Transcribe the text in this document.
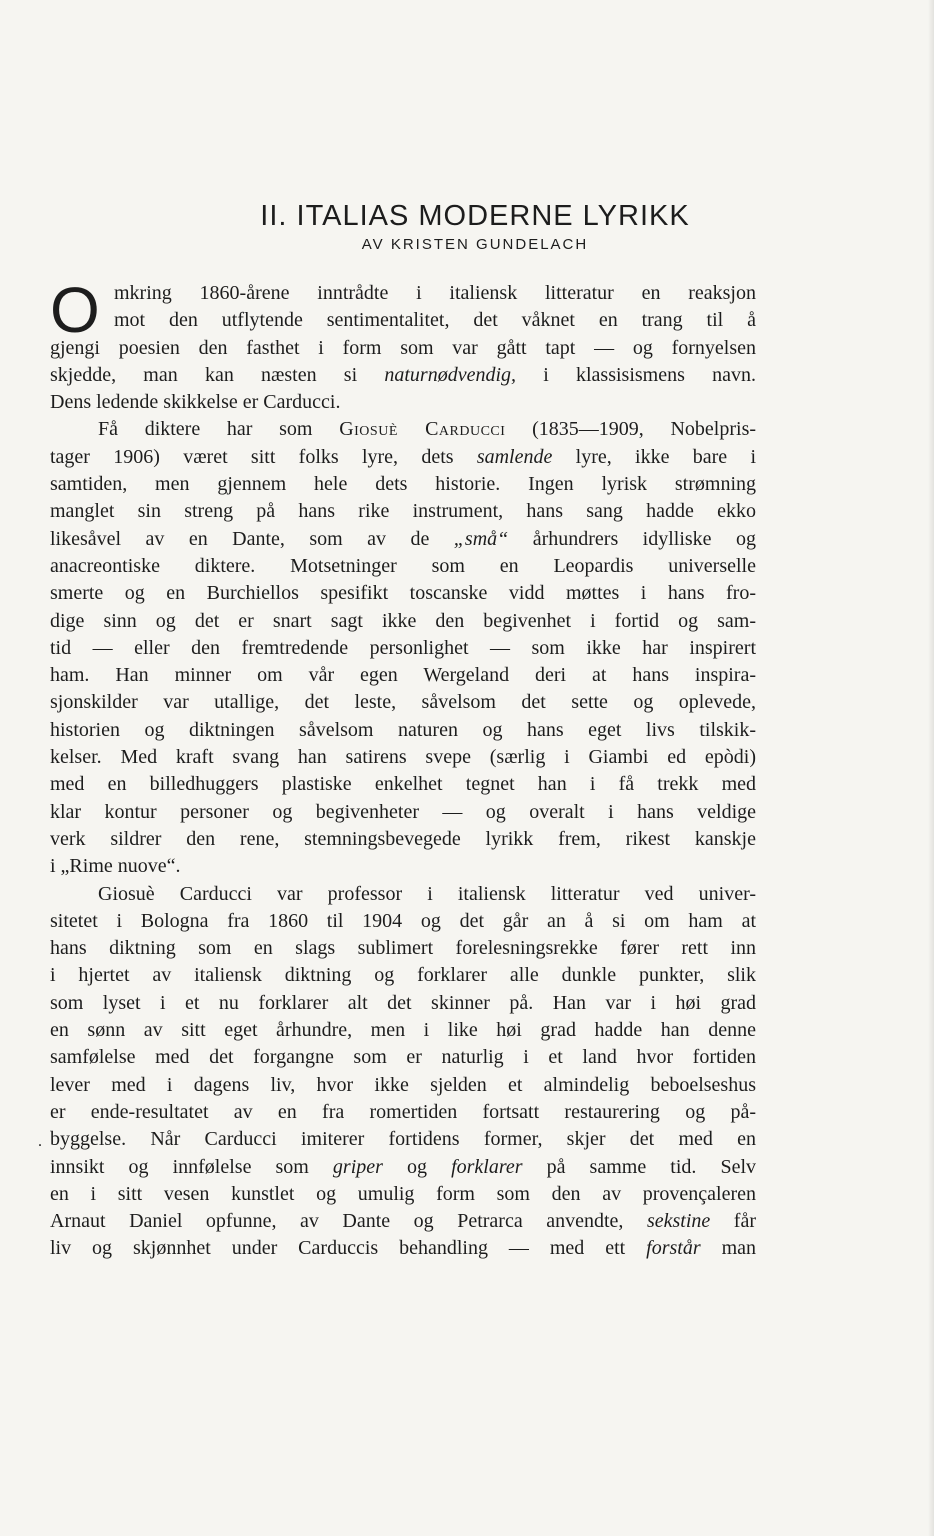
II. ITALIAS MODERNE LYRIKK
AV KRISTEN GUNDELACH
.
O mkring 1860-årene inntrådte i italiensk litteratur en reaksjon
mot den utflytende sentimentalitet, det våknet en trang til å
gjengi poesien den fasthet i form som var gått tapt — og fornyelsen
skjedde, man kan næsten si naturnødvendig, i klassisismens navn.
Dens ledende skikkelse er Carducci.
Få diktere har som Giosuè Carducci (1835—1909, Nobelpris-
tager 1906) været sitt folks lyre, dets samlende lyre, ikke bare i
samtiden, men gjennem hele dets historie. Ingen lyrisk strømning
manglet sin streng på hans rike instrument, hans sang hadde ekko
likesåvel av en Dante, som av de „små“ århundrers idylliske og
anacreontiske diktere. Motsetninger som en Leopardis universelle
smerte og en Burchiellos spesifikt toscanske vidd møttes i hans fro-
dige sinn og det er snart sagt ikke den begivenhet i fortid og sam-
tid — eller den fremtredende personlighet — som ikke har inspirert
ham. Han minner om vår egen Wergeland deri at hans inspira-
sjonskilder var utallige, det leste, såvelsom det sette og oplevede,
historien og diktningen såvelsom naturen og hans eget livs tilskik-
kelser. Med kraft svang han satirens svepe (særlig i Giambi ed epòdi)
med en billedhuggers plastiske enkelhet tegnet han i få trekk med
klar kontur personer og begivenheter — og overalt i hans veldige
verk sildrer den rene, stemningsbevegede lyrikk frem, rikest kanskje
i „Rime nuove“.
Giosuè Carducci var professor i italiensk litteratur ved univer-
sitetet i Bologna fra 1860 til 1904 og det går an å si om ham at
hans diktning som en slags sublimert forelesningsrekke fører rett inn
i hjertet av italiensk diktning og forklarer alle dunkle punkter, slik
som lyset i et nu forklarer alt det skinner på. Han var i høi grad
en sønn av sitt eget århundre, men i like høi grad hadde han denne
samfølelse med det forgangne som er naturlig i et land hvor fortiden
lever med i dagens liv, hvor ikke sjelden et almindelig beboelseshus
er ende-resultatet av en fra romertiden fortsatt restaurering og på-
byggelse. Når Carducci imiterer fortidens former, skjer det med en
innsikt og innfølelse som griper og forklarer på samme tid. Selv
en i sitt vesen kunstlet og umulig form som den av provençaleren
Arnaut Daniel opfunne, av Dante og Petrarca anvendte, sekstine får
liv og skjønnhet under Carduccis behandling — med ett forstår man
